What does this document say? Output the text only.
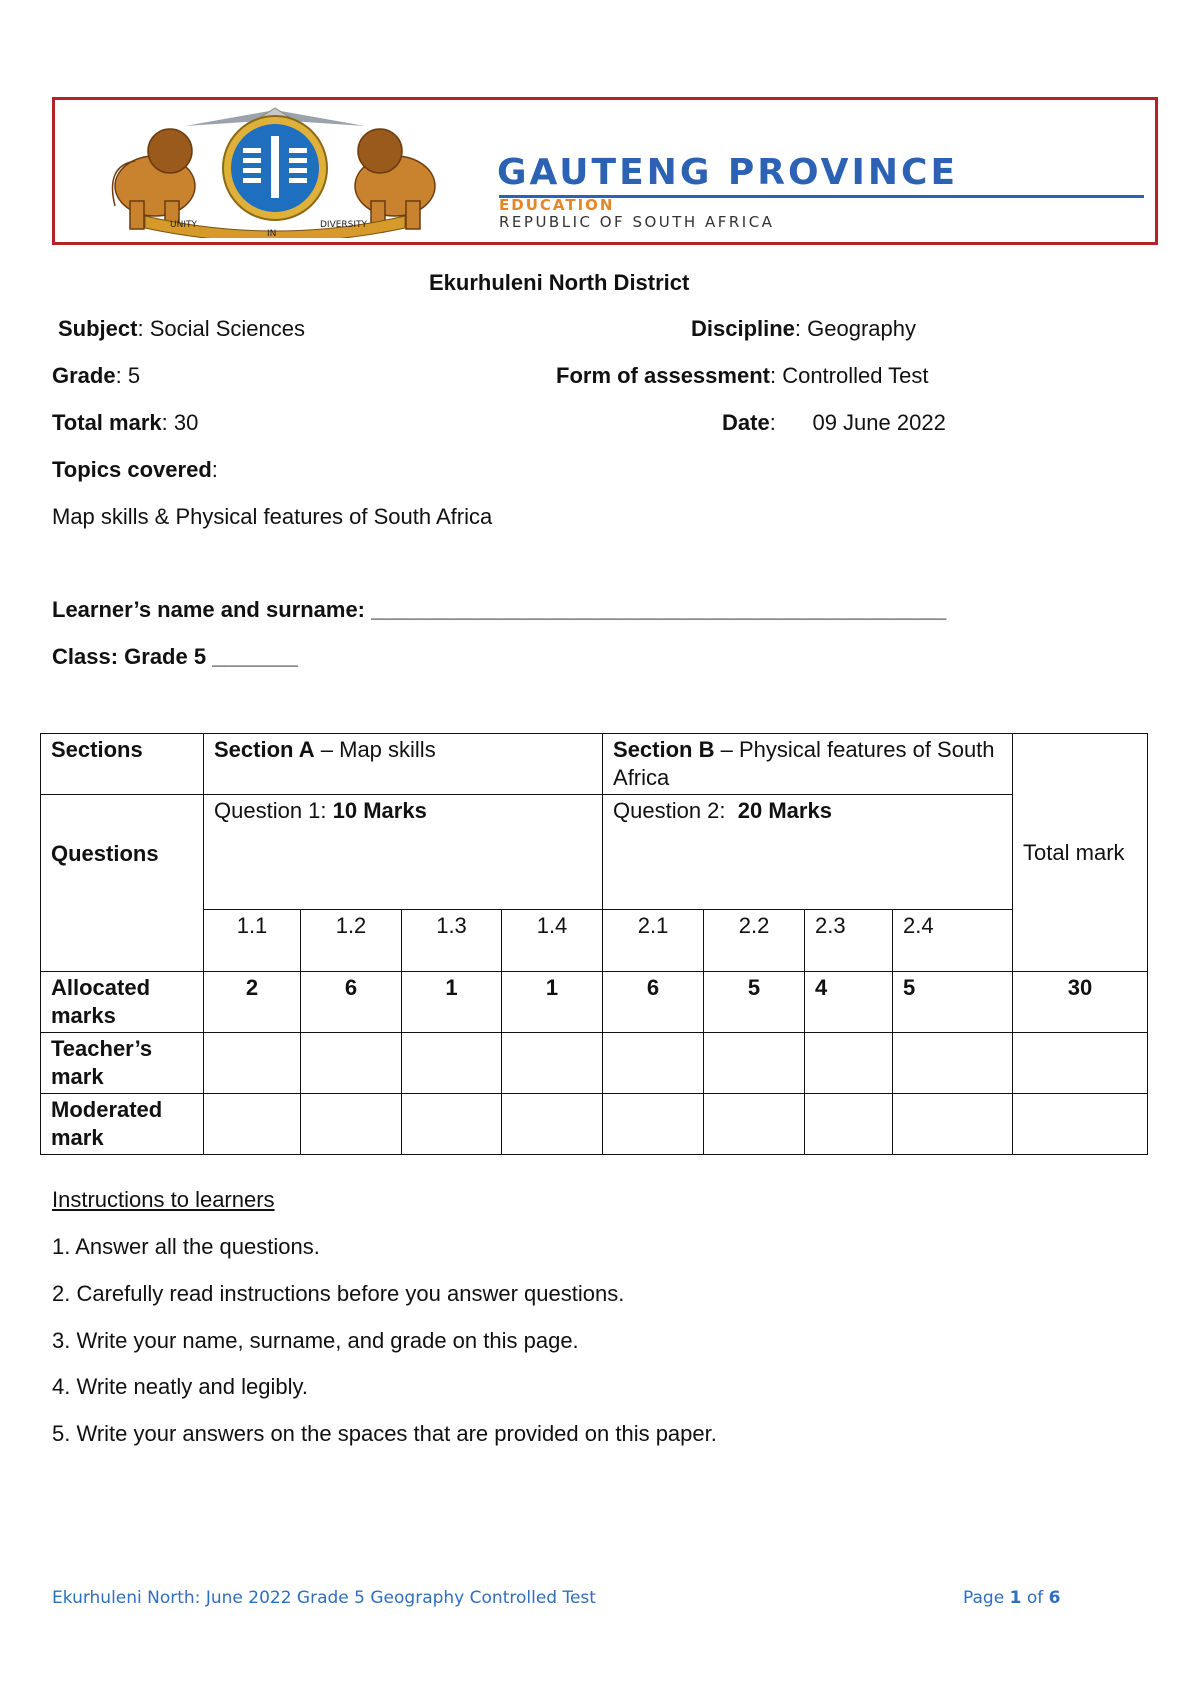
UNITY
IN
DIVERSITY
GAUTENG PROVINCE
EDUCATION
REPUBLIC OF SOUTH AFRICA
Ekurhuleni North District
Subject: Social Sciences	Discipline: Geography
Grade: 5	Form of assessment: Controlled Test
Total mark: 30	Date:      09 June 2022
Topics covered:
Map skills & Physical features of South Africa
Learner’s name and surname: _______________________________________________
Class: Grade 5 _______
Sections	Section A – Map skills				Section B – Physical features of South Africa				Total mark
Questions	Question 1: 10 Marks				Question 2:  20 Marks				
	1.1	1.2	1.3	1.4	2.1	2.2	2.3	2.4	
Allocated marks	2	6	1	1	6	5	4	5	30
Teacher’s mark									
Moderated mark									
Instructions to learners
1. Answer all the questions.
2. Carefully read instructions before you answer questions.
3. Write your name, surname, and grade on this page.
4. Write neatly and legibly.
5. Write your answers on the spaces that are provided on this paper.
Ekurhuleni North: June 2022 Grade 5 Geography Controlled Test	Page 1 of 6
